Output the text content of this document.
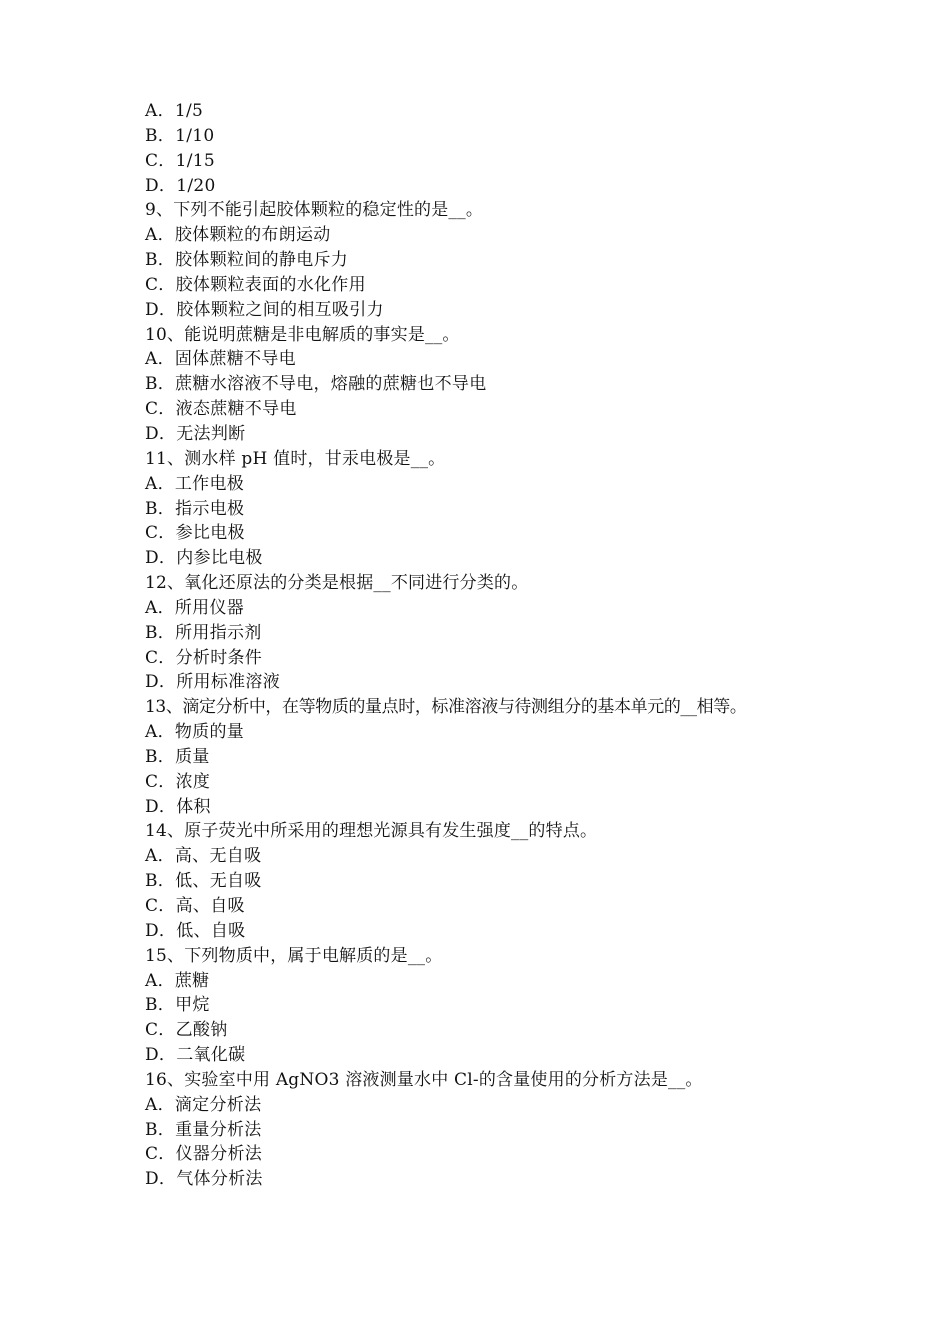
A．1/5
B．1/10
C．1/15
D．1/20
9、下列不能引起胶体颗粒的稳定性的是__。
A．胶体颗粒的布朗运动
B．胶体颗粒间的静电斥力
C．胶体颗粒表面的水化作用
D．胶体颗粒之间的相互吸引力
10、能说明蔗糖是非电解质的事实是__。
A．固体蔗糖不导电
B．蔗糖水溶液不导电，熔融的蔗糖也不导电
C．液态蔗糖不导电
D．无法判断
11、测水样 pH 值时，甘汞电极是__。
A．工作电极
B．指示电极
C．参比电极
D．内参比电极
12、氧化还原法的分类是根据__不同进行分类的。
A．所用仪器
B．所用指示剂
C．分析时条件
D．所用标准溶液
13、滴定分析中，在等物质的量点时，标准溶液与待测组分的基本单元的__相等。
A．物质的量
B．质量
C．浓度
D．体积
14、原子荧光中所采用的理想光源具有发生强度__的特点。
A．高、无自吸
B．低、无自吸
C．高、自吸
D．低、自吸
15、下列物质中，属于电解质的是__。
A．蔗糖
B．甲烷
C．乙酸钠
D．二氧化碳
16、实验室中用 AgNO3 溶液测量水中 Cl-的含量使用的分析方法是__。
A．滴定分析法
B．重量分析法
C．仪器分析法
D．气体分析法
